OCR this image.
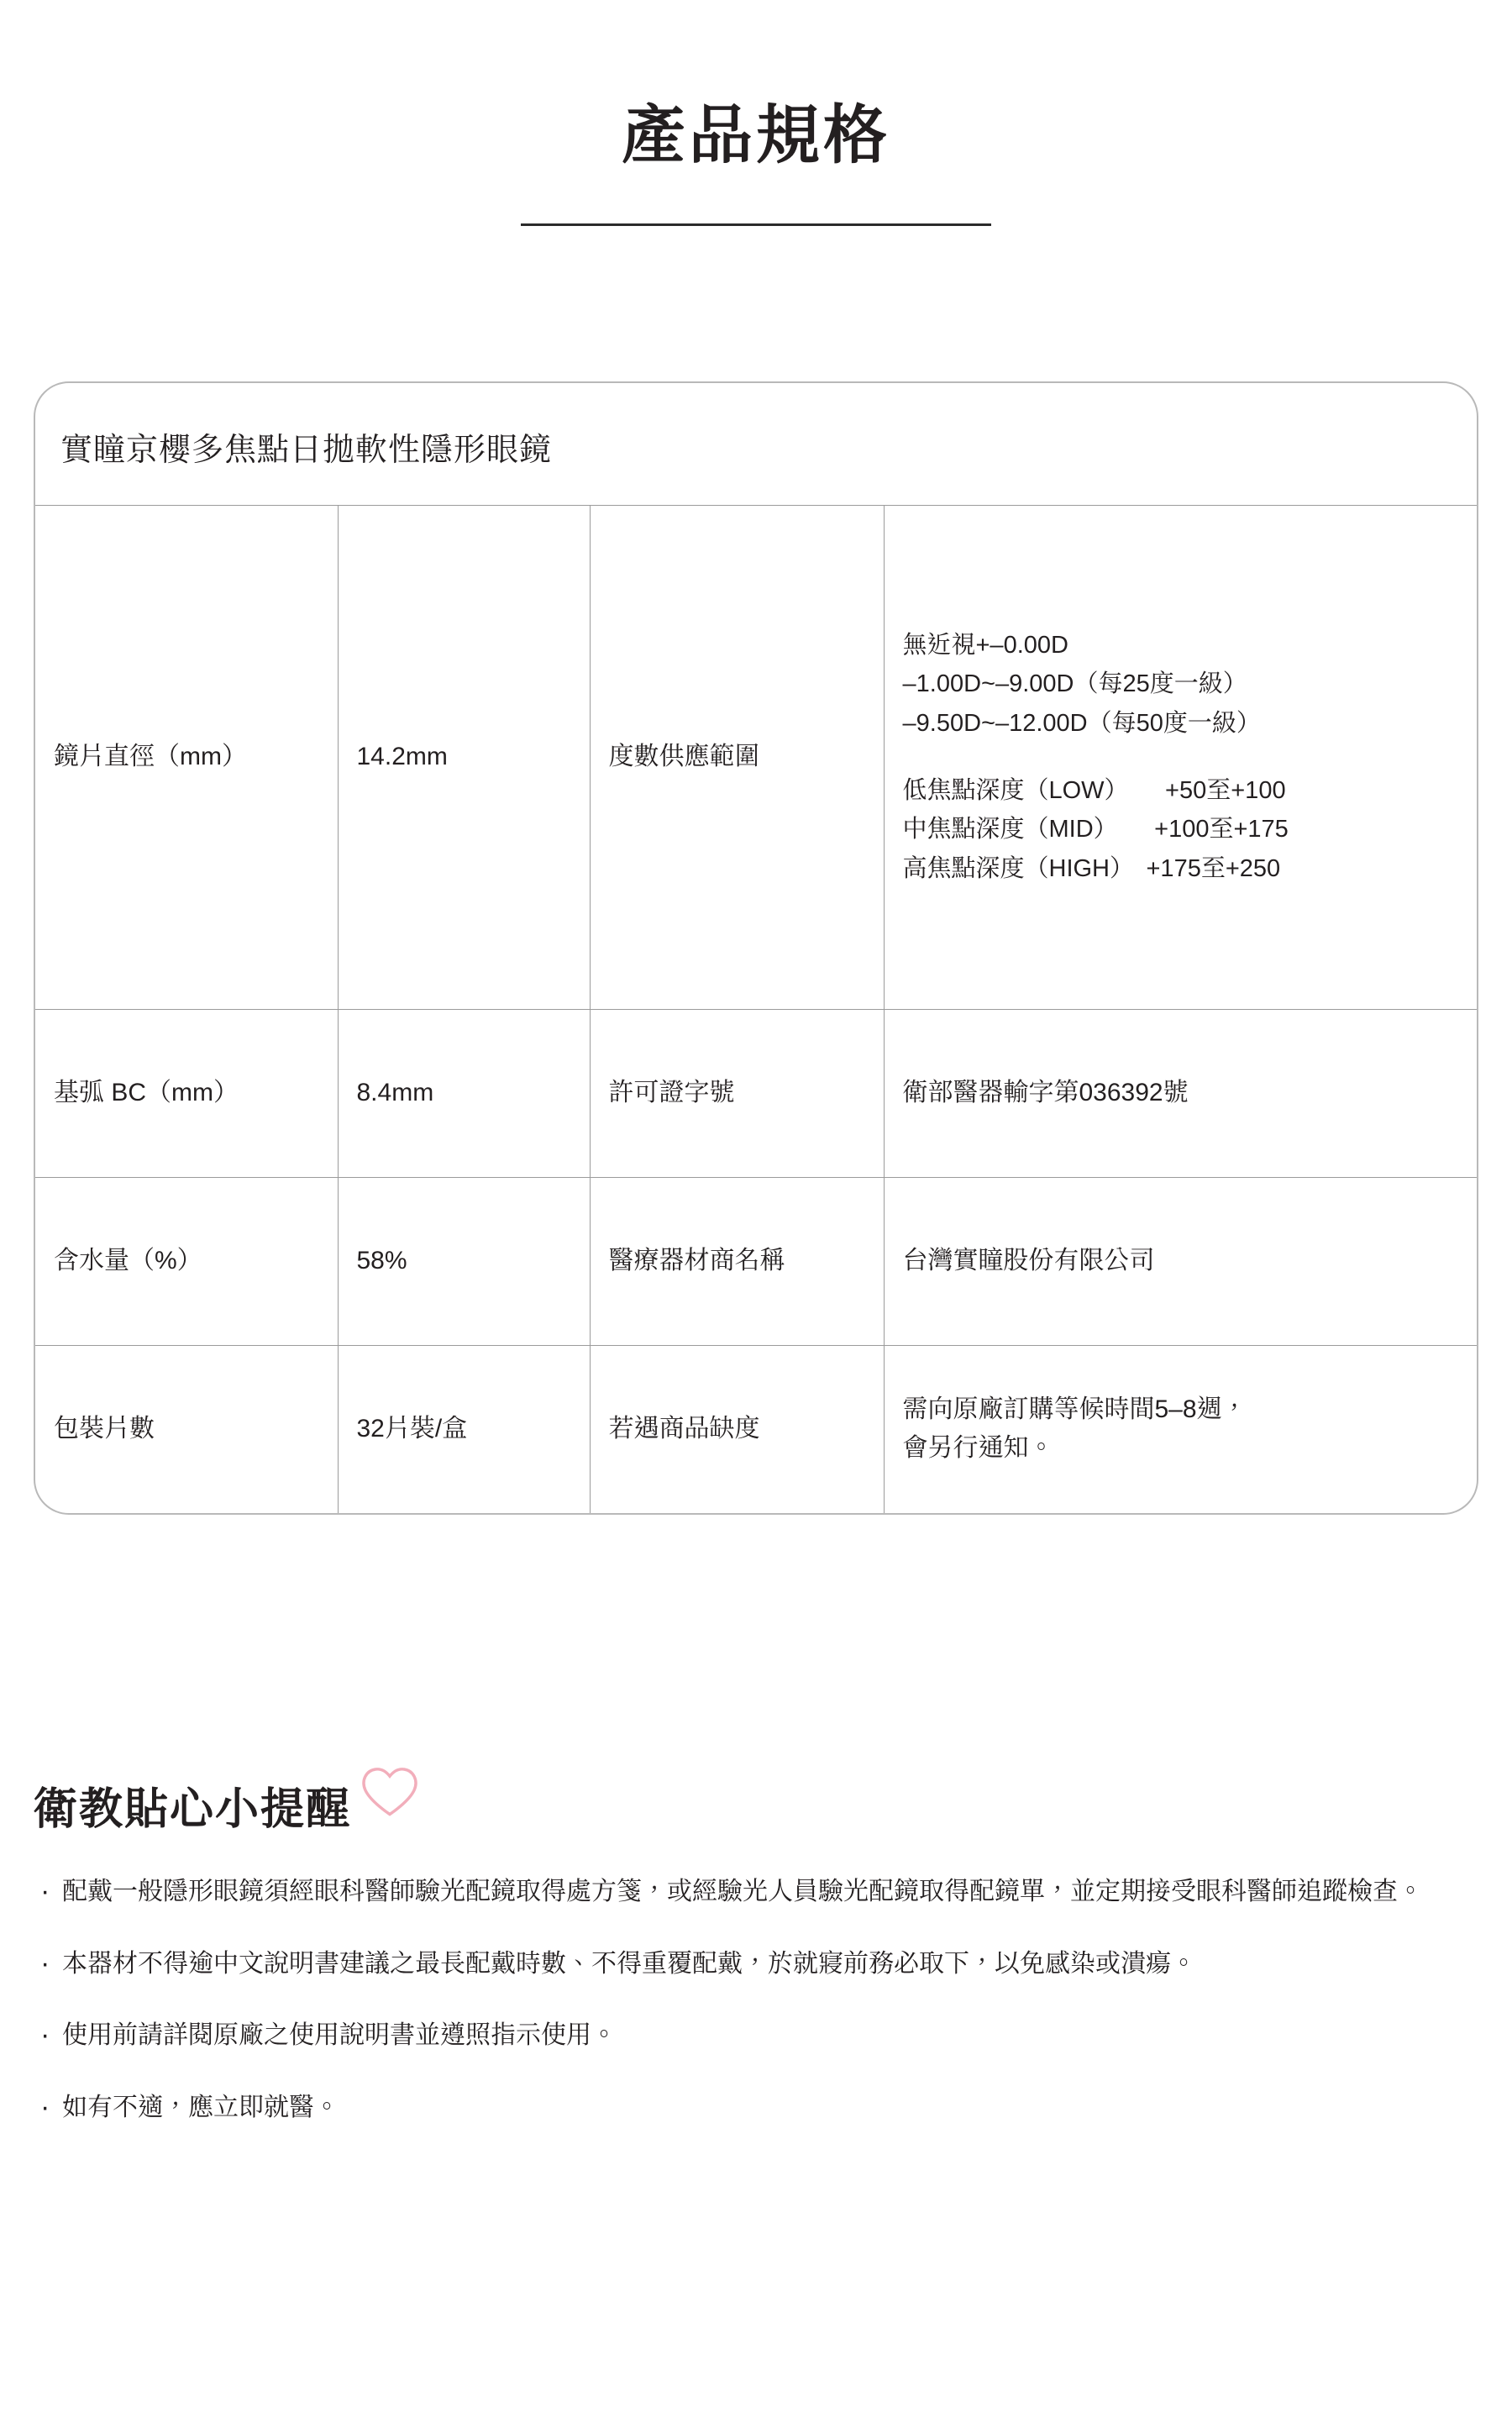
產品規格
實瞳京櫻多焦點日拋軟性隱形眼鏡
鏡片直徑（mm）	14.2mm	度數供應範圍	
無近視+–0.00D
–1.00D~–9.00D（每25度一級）
–9.50D~–12.00D（每50度一級）
低焦點深度（LOW）　　+50至+100
中焦點深度（MID）　　+100至+175
高焦點深度（HIGH）　+175至+250

基弧 BC（mm）	8.4mm	許可證字號	衛部醫器輸字第036392號
含水量（%）	58%	醫療器材商名稱	台灣實瞳股份有限公司
包裝片數	32片裝/盒	若遇商品缺度	需向原廠訂購等候時間5–8週，
會另行通知。
衛教貼心小提醒
· 配戴一般隱形眼鏡須經眼科醫師驗光配鏡取得處方箋，或經驗光人員驗光配鏡取得配鏡單，並定期接受眼科醫師追蹤檢查。
· 本器材不得逾中文說明書建議之最長配戴時數、不得重覆配戴，於就寢前務必取下，以免感染或潰瘍。
· 使用前請詳閱原廠之使用說明書並遵照指示使用。
· 如有不適，應立即就醫。
